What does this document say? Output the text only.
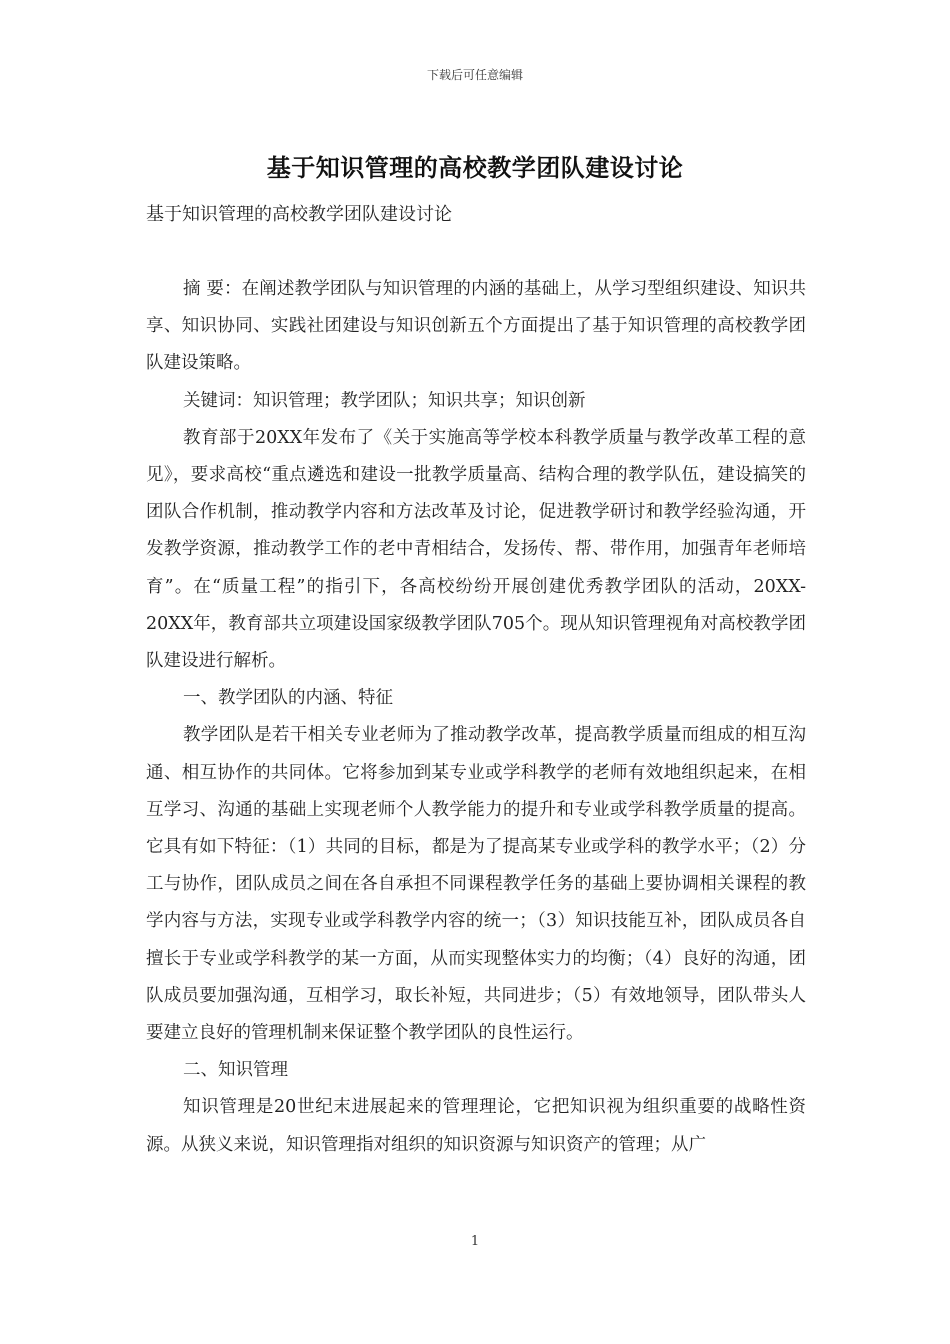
下载后可任意编辑
基于知识管理的高校教学团队建设讨论
基于知识管理的高校教学团队建设讨论

摘 要：在阐述教学团队与知识管理的内涵的基础上，从学习型组织建设、知识共享、知识协同、实践社团建设与知识创新五个方面提出了基于知识管理的高校教学团队建设策略。

关键词：知识管理；教学团队；知识共享；知识创新

教育部于20XX年发布了《关于实施高等学校本科教学质量与教学改革工程的意见》，要求高校“重点遴选和建设一批教学质量高、结构合理的教学队伍，建设搞笑的团队合作机制，推动教学内容和方法改革及讨论，促进教学研讨和教学经验沟通，开发教学资源，推动教学工作的老中青相结合，发扬传、帮、带作用，加强青年老师培育”。在“质量工程”的指引下，各高校纷纷开展创建优秀教学团队的活动，20XX-20XX年，教育部共立项建设国家级教学团队705个。现从知识管理视角对高校教学团队建设进行解析。

一、教学团队的内涵、特征

教学团队是若干相关专业老师为了推动教学改革，提高教学质量而组成的相互沟通、相互协作的共同体。它将参加到某专业或学科教学的老师有效地组织起来，在相互学习、沟通的基础上实现老师个人教学能力的提升和专业或学科教学质量的提高。它具有如下特征：（1）共同的目标，都是为了提高某专业或学科的教学水平；（2）分工与协作，团队成员之间在各自承担不同课程教学任务的基础上要协调相关课程的教学内容与方法，实现专业或学科教学内容的统一；（3）知识技能互补，团队成员各自擅长于专业或学科教学的某一方面，从而实现整体实力的均衡；（4）良好的沟通，团队成员要加强沟通，互相学习，取长补短，共同进步；（5）有效地领导，团队带头人要建立良好的管理机制来保证整个教学团队的良性运行。

二、知识管理

知识管理是20世纪末进展起来的管理理论，它把知识视为组织重要的战略性资源。从狭义来说，知识管理指对组织的知识资源与知识资产的管理；从广

1
